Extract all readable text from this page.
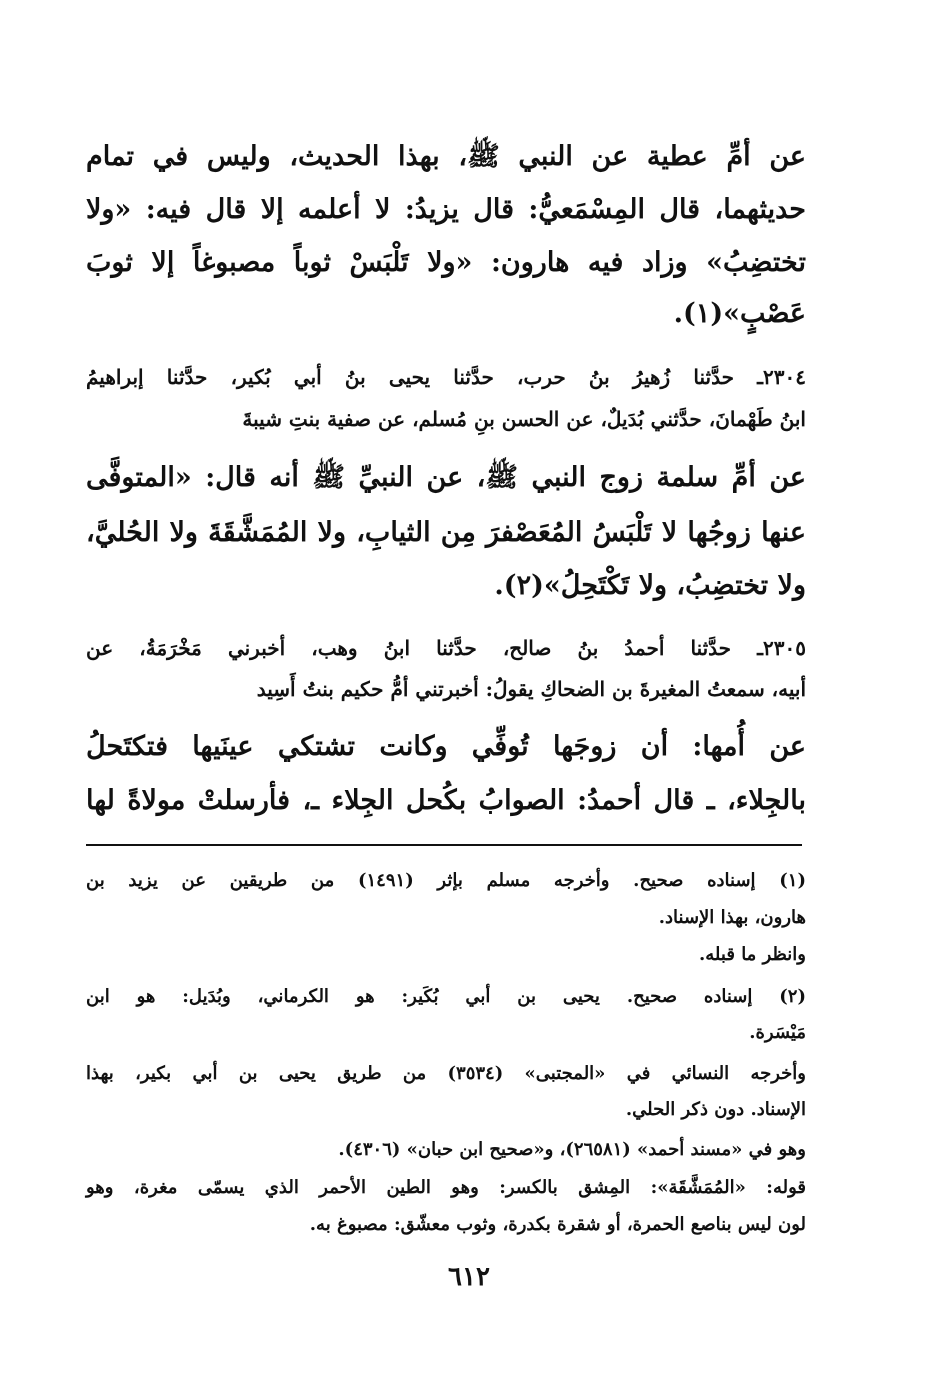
عن أمِّ عطية عن النبي ﷺ، بهذا الحديث، وليس في تمام
حديثهما، قال المِسْمَعيُّ: قال يزيدُ: لا أعلمه إلا قال فيه: «ولا
تختضِبُ» وزاد فيه هارون: «ولا تَلْبَسْ ثوباً مصبوغاً إلا ثوبَ
عَصْبٍ»(١).
٢٣٠٤ـ حدَّثنا زُهيرُ بنُ حرب، حدَّثنا يحيى بنُ أبي بُكير، حدَّثنا إبراهيمُ
ابنُ طَهْمانَ، حدَّثني بُدَيلٌ، عن الحسن بنِ مُسلم، عن صفية بنتِ شيبةَ
عن أمِّ سلمة زوج النبي ﷺ، عن النبيِّ ﷺ أنه قال: «المتوفَّى
عنها زوجُها لا تَلْبَسُ المُعَصْفرَ مِن الثيابِ، ولا المُمَشَّقَةَ ولا الحُليَّ،
ولا تختضِبُ، ولا تَكْتَحِلُ»(٢).
٢٣٠٥ـ حدَّثنا أحمدُ بنُ صالح، حدَّثنا ابنُ وهب، أخبرني مَخْرَمَةُ، عن
أبيه، سمعتُ المغيرةَ بن الضحاكِ يقولُ: أخبرتني أمُّ حكيم بنتُ أَسِيد
عن أُمها: أن زوجَها تُوفِّي وكانت تشتكي عينَيها فتكتَحلُ
بالجِلاء، ـ قال أحمدُ: الصوابُ بكُحل الجِلاء ـ، فأرسلتْ مولاةً لها
(١) إسناده صحيح. وأخرجه مسلم بإثر (١٤٩١) من طريقين عن يزيد بن
هارون، بهذا الإسناد.
وانظر ما قبله.
(٢) إسناده صحيح. يحيى بن أبي بُكَير: هو الكرماني، وبُدَيل: هو ابن
مَيْسَرة.
وأخرجه النسائي في «المجتبى» (٣٥٣٤) من طريق يحيى بن أبي بكير، بهذا
الإسناد. دون ذكر الحلي.
وهو في «مسند أحمد» (٢٦٥٨١)، و«صحيح ابن حبان» (٤٣٠٦).
قوله: «المُمَشَّقَة»: المِشق بالكسر: وهو الطين الأحمر الذي يسمّى مغرة، وهو
لون ليس بناصع الحمرة، أو شقرة بكدرة، وثوب معشّق: مصبوغ به.
٦١٢
